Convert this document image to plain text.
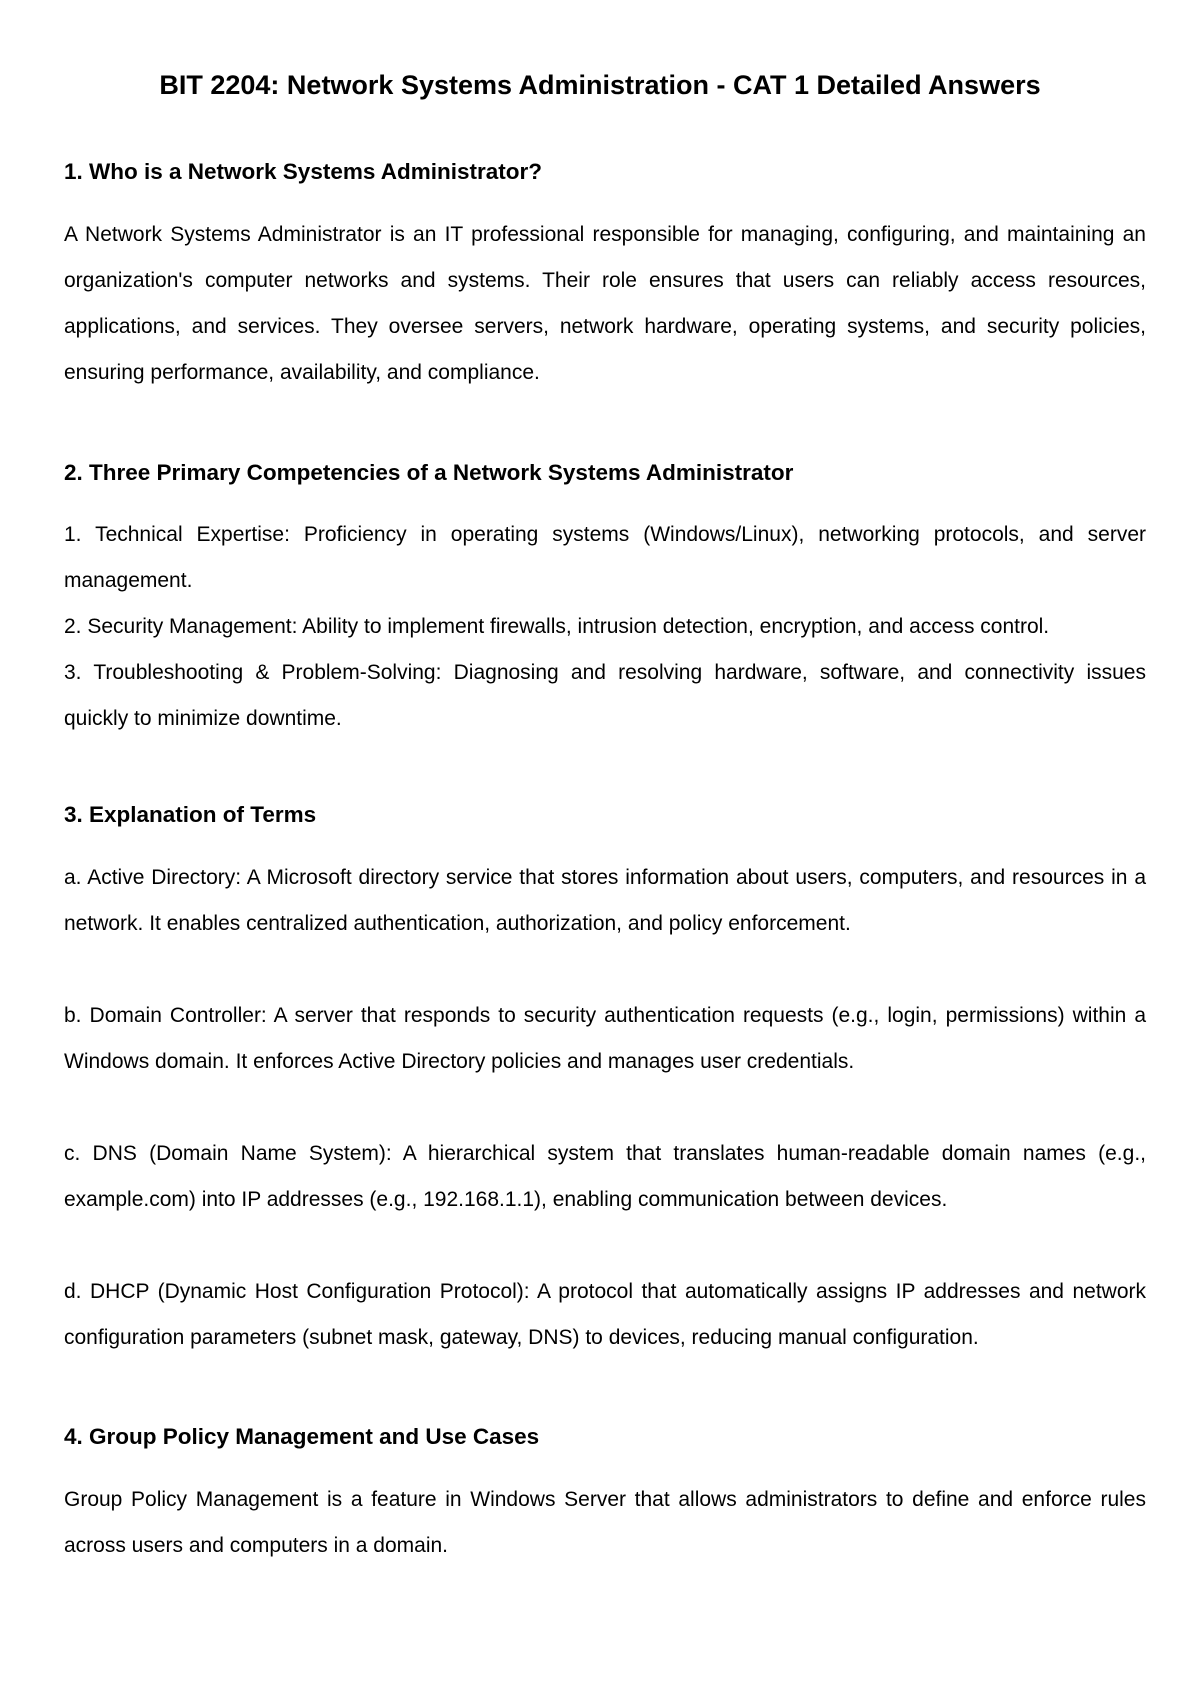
BIT 2204: Network Systems Administration - CAT 1 Detailed Answers
1. Who is a Network Systems Administrator?

A Network Systems Administrator is an IT professional responsible for managing, configuring, and maintaining an organization's computer networks and systems. Their role ensures that users can reliably access resources, applications, and services. They oversee servers, network hardware, operating systems, and security policies, ensuring performance, availability, and compliance.

2. Three Primary Competencies of a Network Systems Administrator

1. Technical Expertise: Proficiency in operating systems (Windows/Linux), networking protocols, and server management.

2. Security Management: Ability to implement firewalls, intrusion detection, encryption, and access control.

3. Troubleshooting & Problem-Solving: Diagnosing and resolving hardware, software, and connectivity issues quickly to minimize downtime.

3. Explanation of Terms

a. Active Directory: A Microsoft directory service that stores information about users, computers, and resources in a network. It enables centralized authentication, authorization, and policy enforcement.

b. Domain Controller: A server that responds to security authentication requests (e.g., login, permissions) within a Windows domain. It enforces Active Directory policies and manages user credentials.

c. DNS (Domain Name System): A hierarchical system that translates human-readable domain names (e.g., example.com) into IP addresses (e.g., 192.168.1.1), enabling communication between devices.

d. DHCP (Dynamic Host Configuration Protocol): A protocol that automatically assigns IP addresses and network configuration parameters (subnet mask, gateway, DNS) to devices, reducing manual configuration.

4. Group Policy Management and Use Cases

Group Policy Management is a feature in Windows Server that allows administrators to define and enforce rules across users and computers in a domain.
